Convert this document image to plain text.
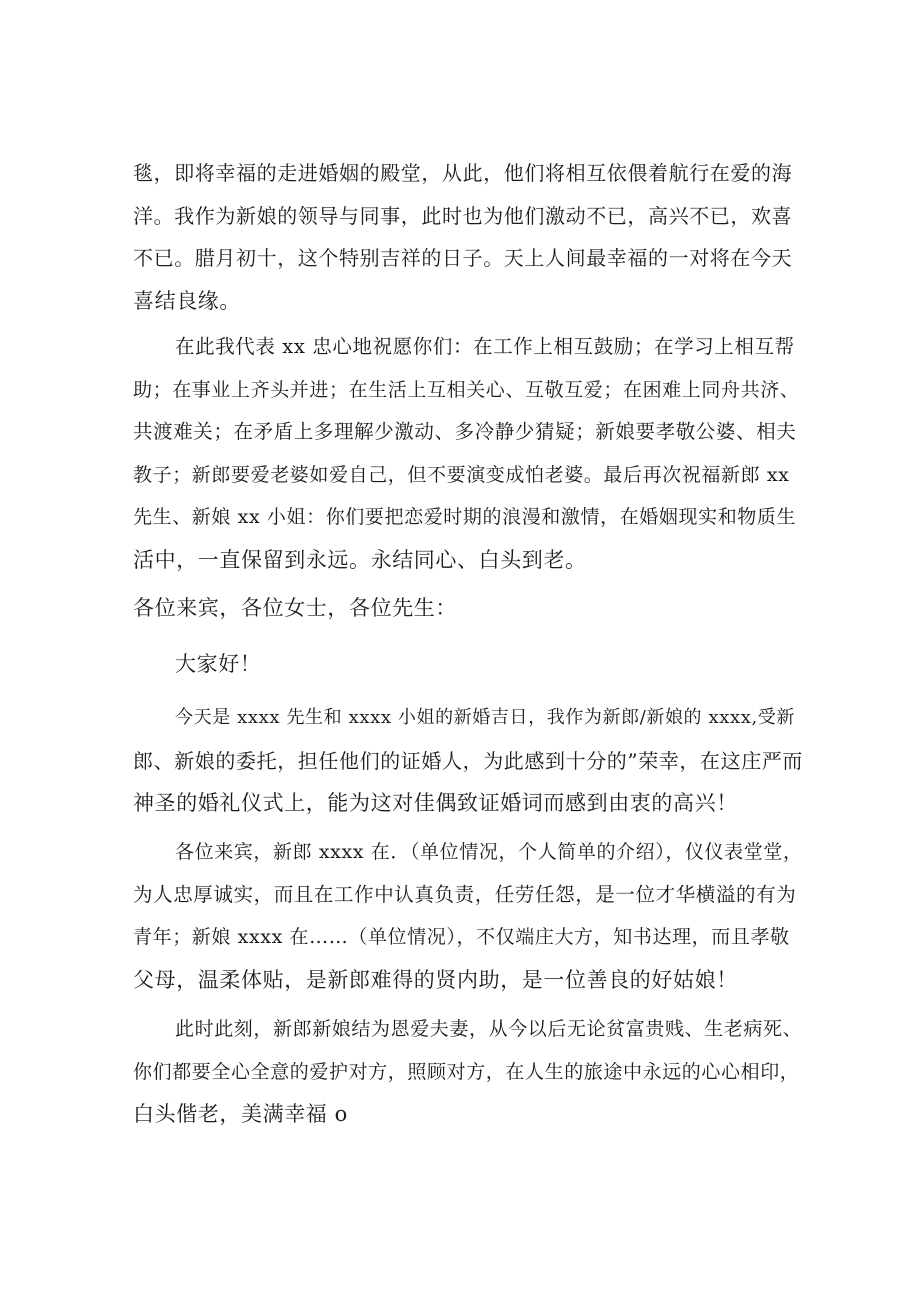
毯，即将幸福的走进婚姻的殿堂，从此，他们将相互依偎着航行在爱的海
洋。我作为新娘的领导与同事，此时也为他们激动不已，高兴不已，欢喜
不已。腊月初十，这个特别吉祥的日子。天上人间最幸福的一对将在今天
喜结良缘。
在此我代表 xx 忠心地祝愿你们：在工作上相互鼓励；在学习上相互帮
助；在事业上齐头并进；在生活上互相关心、互敬互爱；在困难上同舟共济、
共渡难关；在矛盾上多理解少激动、多冷静少猜疑；新娘要孝敬公婆、相夫
教子；新郎要爱老婆如爱自己，但不要演变成怕老婆。最后再次祝福新郎 xx
先生、新娘 xx 小姐：你们要把恋爱时期的浪漫和激情，在婚姻现实和物质生
活中，一直保留到永远。永结同心、白头到老。
各位来宾，各位女士，各位先生：
大家好！
今天是 xxxx 先生和 xxxx 小姐的新婚吉日，我作为新郎/新娘的 xxxx,受新
郎、新娘的委托，担任他们的证婚人，为此感到十分的”荣幸，在这庄严而
神圣的婚礼仪式上，能为这对佳偶致证婚词而感到由衷的高兴！
各位来宾，新郎 xxxx 在．（单位情况，个人简单的介绍），仪仪表堂堂，
为人忠厚诚实，而且在工作中认真负责，任劳任怨，是一位才华横溢的有为
青年；新娘 xxxx 在……（单位情况），不仅端庄大方，知书达理，而且孝敬
父母，温柔体贴，是新郎难得的贤内助，是一位善良的好姑娘！
此时此刻，新郎新娘结为恩爱夫妻，从今以后无论贫富贵贱、生老病死、
你们都要全心全意的爱护对方，照顾对方，在人生的旅途中永远的心心相印，
白头偕老，美满幸福 o
